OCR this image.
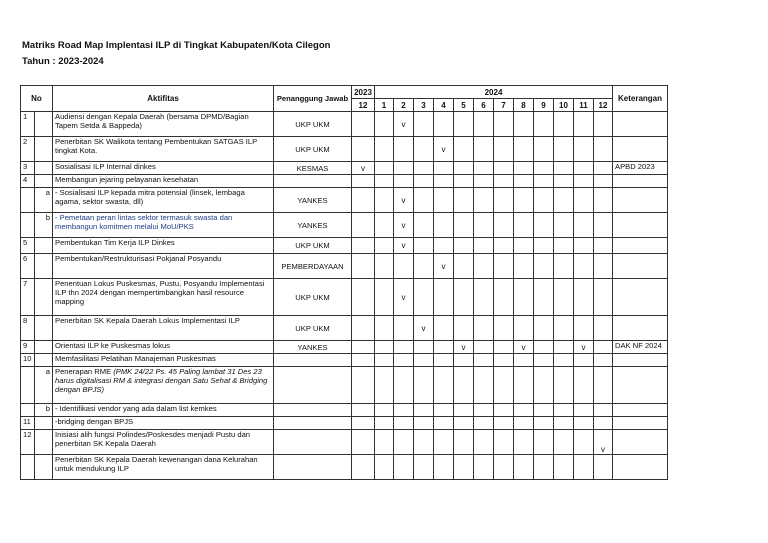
Matriks Road Map Implentasi ILP di Tingkat Kabupaten/Kota Cilegon
Tahun : 2023-2024
No		Aktifitas	Penanggung Jawab	2023	2024												Keterangan
				12	1	2	3	4	5	6	7	8	9	10	11	12	
1		Audiensi dengan Kepala Daerah (bersama DPMD/Bagian Tapem Setda & Bappeda)	UKP UKM			v											
2		Penerbitan SK Walikota tentang Pembentukan SATGAS ILP tingkat Kota.	UKP UKM					v									
3		Sosialisasi ILP Internal dinkes	KESMAS	v													APBD 2023
4		Membangun jejaring pelayanan kesehatan															
	a	- Sosialisasi ILP kepada mitra potensial (linsek, lembaga agama, sektor swasta, dll)	YANKES			v											
	b	- Pemetaan peran lintas sektor termasuk swasta dan membangun komitmen melalui MoU/PKS	YANKES			v											
5		Pembentukan Tim Kerja ILP Dinkes	UKP UKM			v											
6		Pembentukan/Restrukturisasi Pokjanal Posyandu	PEMBERDAYAAN					v									
7		Penentuan Lokus Puskesmas, Pustu, Posyandu Implementasi ILP thn 2024 dengan mempertimbangkan hasil resource mapping	UKP UKM			v											
8		Penerbitan SK Kepala Daerah Lokus Implementasi ILP	UKP UKM				v										
9		Orientasi ILP ke Puskesmas lokus	YANKES						v			v			v		DAK NF 2024
10		Memfasilitasi Pelatihan Manajeman Puskesmas															
	a	Penerapan RME (PMK 24/22 Ps. 45 Paling lambat 31 Des 23 harus digitalisasi RM & integrasi dengan Satu Sehat & Bridging dengan BPJS)															
	b	- Identifikasi vendor yang ada dalam list kemkes															
11		-bridging dengan BPJS															
12		Inisiasi alih fungsi Polindes/Poskesdes menjadi Pustu dan penerbitan SK Kepala Daerah														v	
		Penerbitan SK Kepala Daerah kewenangan dana Kelurahan untuk mendukung ILP															
